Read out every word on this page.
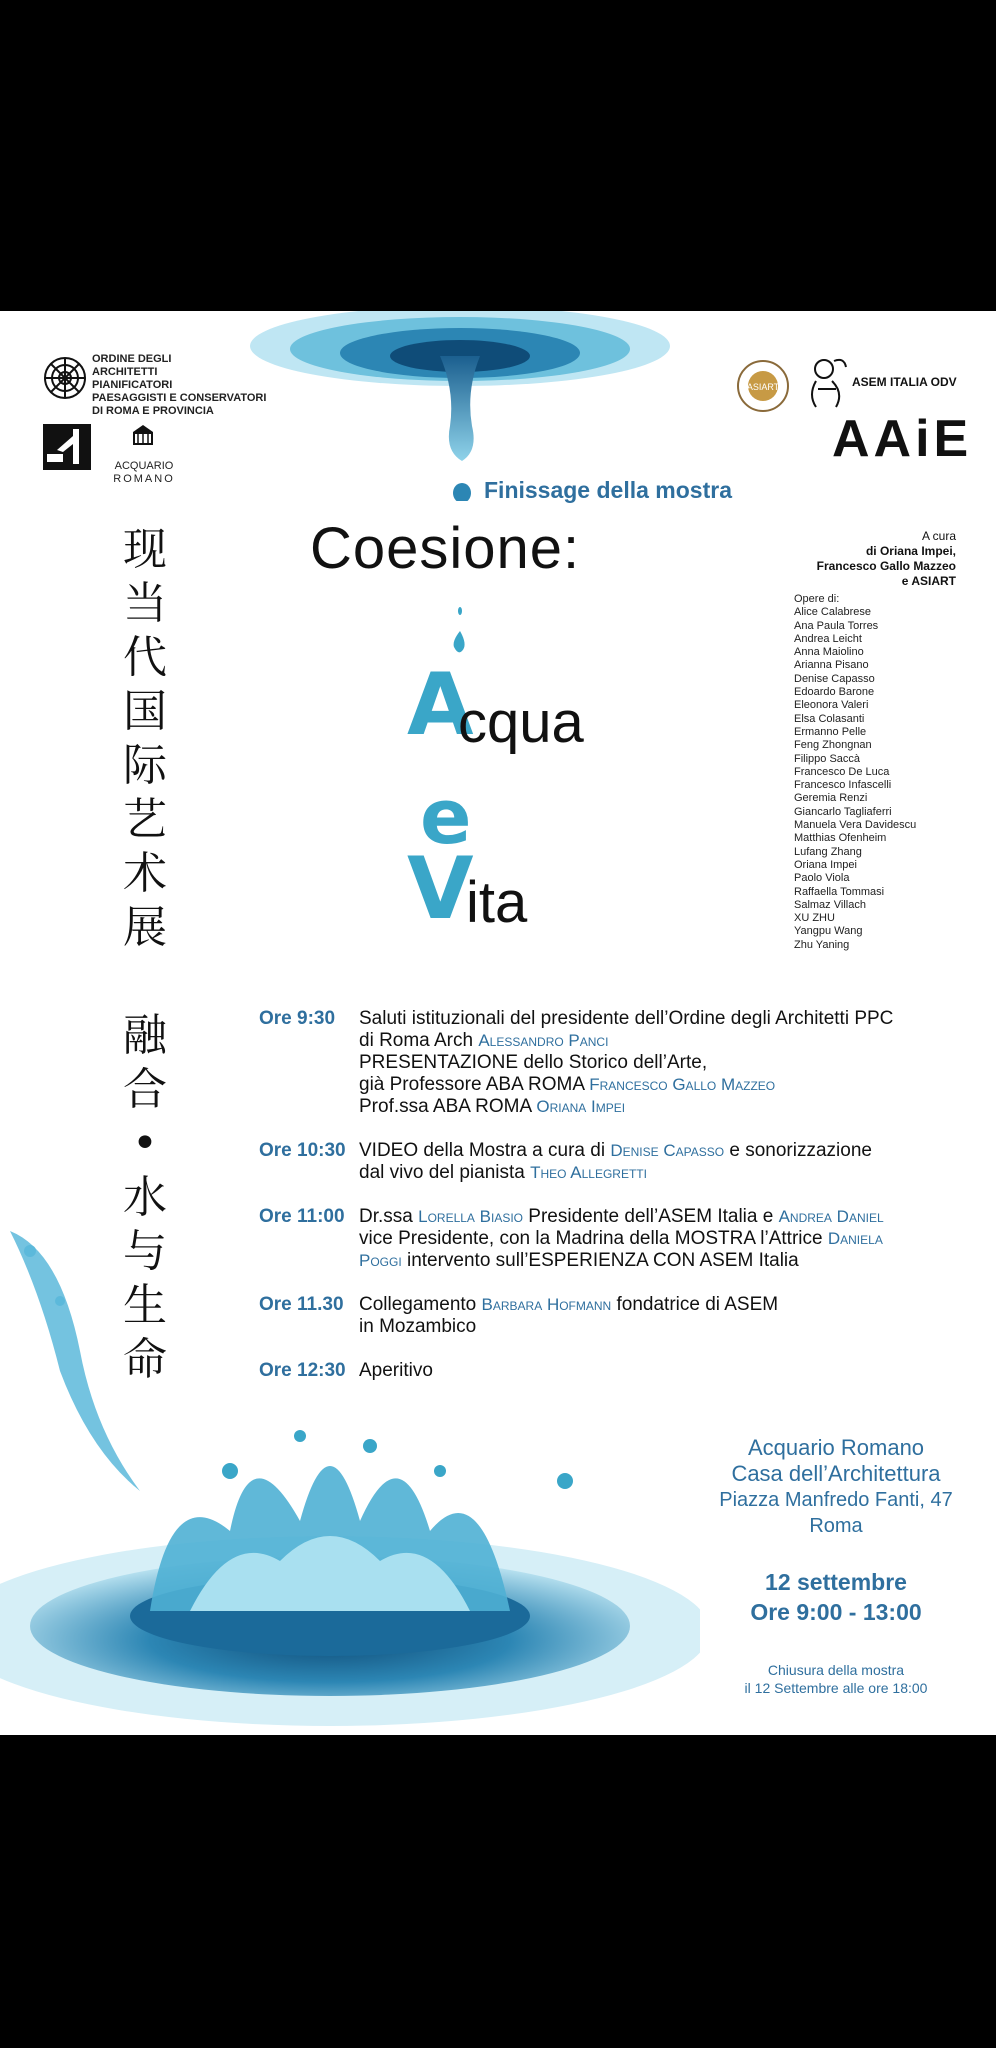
ORDINE DEGLI
ARCHITETTI
PIANIFICATORI
PAESAGGISTI E CONSERVATORI
DI ROMA E PROVINCIA
ACQUARIO
ROMANO
ASIART	ASEM ITALIA ODV
AAiE
Finissage della mostra
Coesione:
A
cqua
e
V
ita
现
当
代
国
际
艺
术
展
融
合
•
水
与
生
命
A cura
di Oriana Impei,
Francesco Gallo Mazzeo
e ASIART
Opere di:
Alice Calabrese
Ana Paula Torres
Andrea Leicht
Anna Maiolino
Arianna Pisano
Denise Capasso
Edoardo Barone
Eleonora Valeri
Elsa Colasanti
Ermanno Pelle
Feng Zhongnan
Filippo Saccà
Francesco De Luca
Francesco Infascelli
Geremia Renzi
Giancarlo Tagliaferri
Manuela Vera Davidescu
Matthias Ofenheim
Lufang Zhang
Oriana Impei
Paolo Viola
Raffaella Tommasi
Salmaz Villach
XU ZHU
Yangpu Wang
Zhu Yaning
Ore 9:30 Saluti istituzionali del presidente dell’Ordine degli Architetti PPC
di Roma Arch Alessandro Panci
PRESENTAZIONE dello Storico dell’Arte,
già Professore ABA ROMA Francesco Gallo Mazzeo
Prof.ssa ABA ROMA Oriana Impei
Ore 10:30 VIDEO della Mostra a cura di Denise Capasso e sonorizzazione
dal vivo del pianista Theo Allegretti
Ore 11:00 Dr.ssa Lorella Biasio Presidente dell’ASEM Italia e Andrea Daniel
vice Presidente, con la Madrina della MOSTRA l’Attrice Daniela
Poggi intervento sull’ESPERIENZA CON ASEM Italia
Ore 11.30 Collegamento Barbara Hofmann fondatrice di ASEM
in Mozambico
Ore 12:30 Aperitivo
Acquario Romano
Casa dell’Architettura
Piazza Manfredo Fanti, 47
Roma
12 settembre
Ore 9:00 - 13:00
Chiusura della mostra
il 12 Settembre alle ore 18:00
